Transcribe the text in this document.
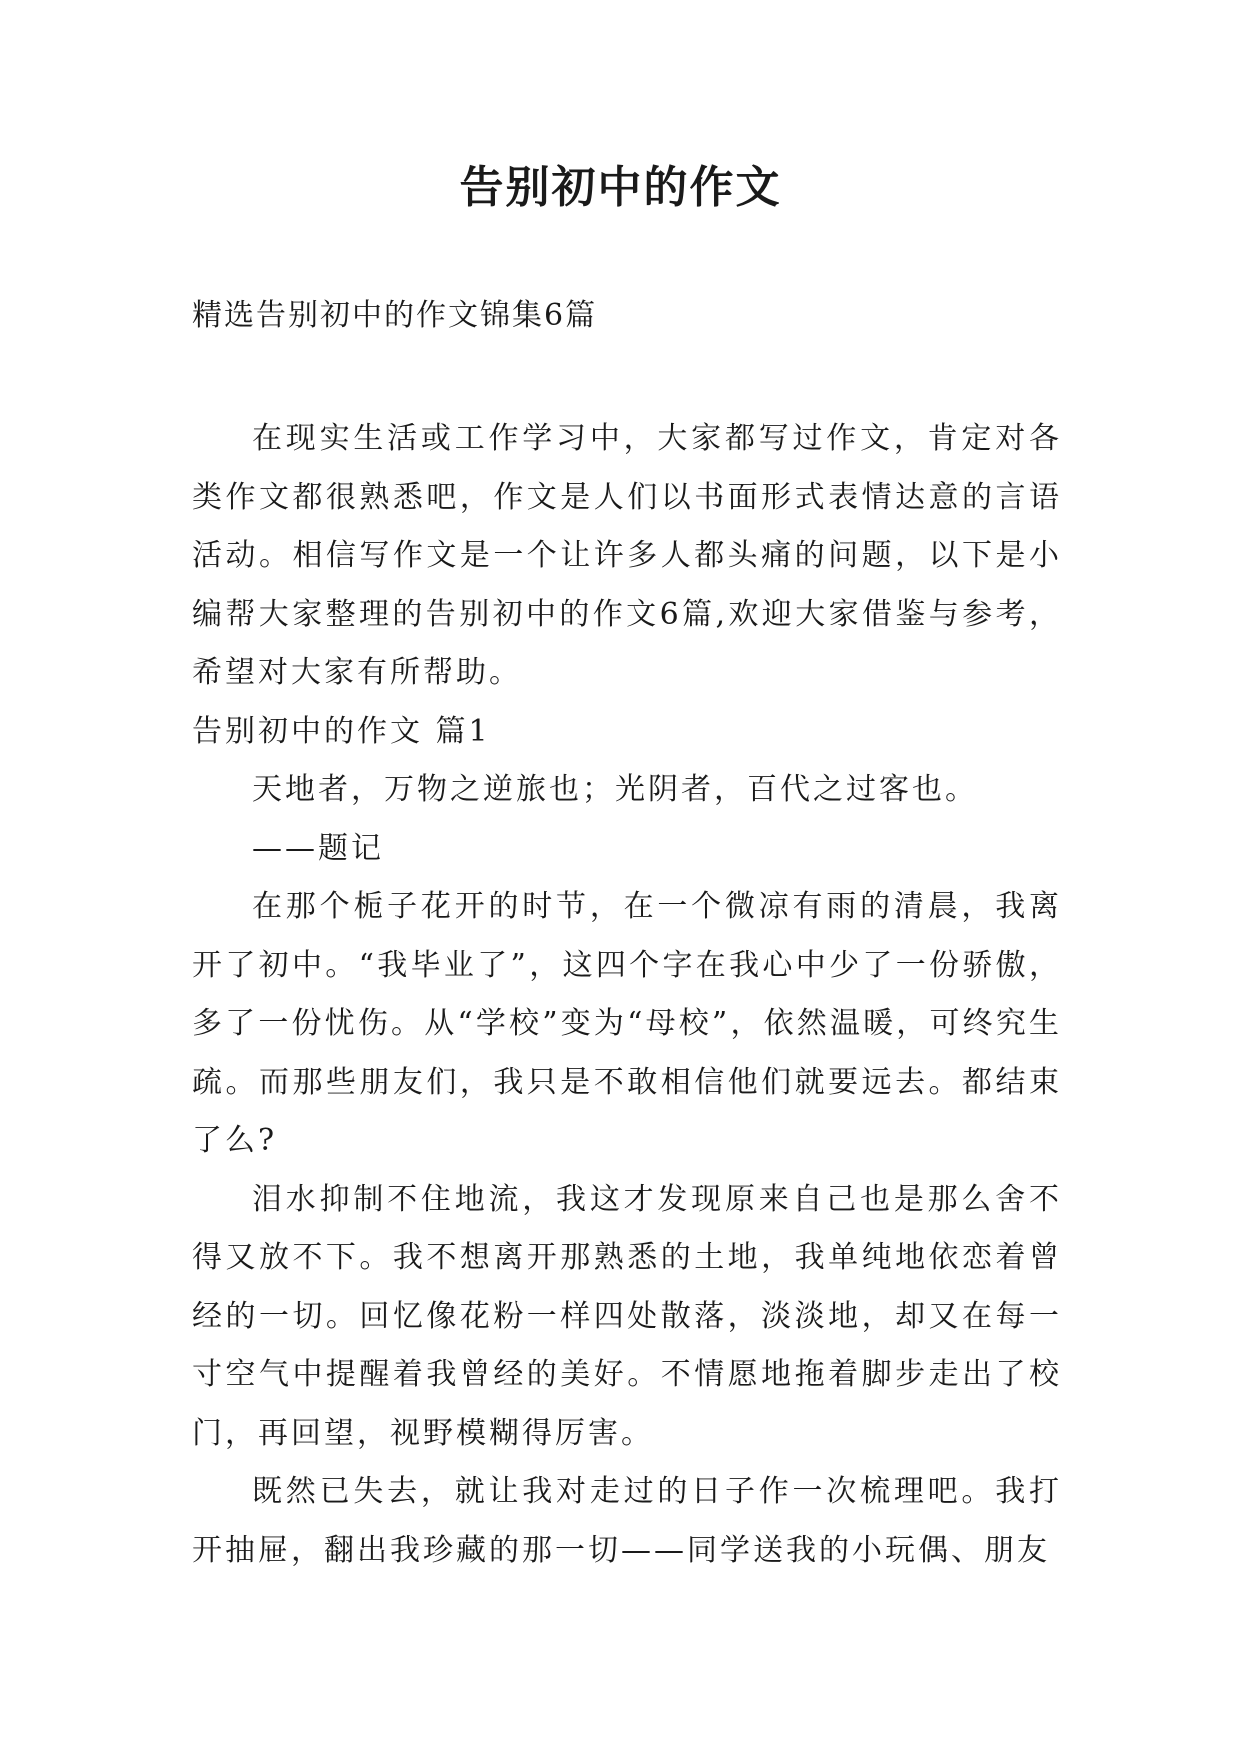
告别初中的作文

精选告别初中的作文锦集6篇

在现实生活或工作学习中，大家都写过作文，肯定对各类作文都很熟悉吧，作文是人们以书面形式表情达意的言语活动。相信写作文是一个让许多人都头痛的问题，以下是小编帮大家整理的告别初中的作文6篇,欢迎大家借鉴与参考，希望对大家有所帮助。

告别初中的作文 篇1

天地者，万物之逆旅也；光阴者，百代之过客也。

——题记

在那个栀子花开的时节，在一个微凉有雨的清晨，我离开了初中。“我毕业了”，这四个字在我心中少了一份骄傲，多了一份忧伤。从“学校”变为“母校”，依然温暖，可终究生疏。而那些朋友们，我只是不敢相信他们就要远去。都结束了么?

泪水抑制不住地流，我这才发现原来自己也是那么舍不得又放不下。我不想离开那熟悉的土地，我单纯地依恋着曾经的一切。回忆像花粉一样四处散落，淡淡地，却又在每一寸空气中提醒着我曾经的美好。不情愿地拖着脚步走出了校门，再回望，视野模糊得厉害。

既然已失去，就让我对走过的日子作一次梳理吧。我打开抽屉，翻出我珍藏的那一切——同学送我的小玩偶、朋友
